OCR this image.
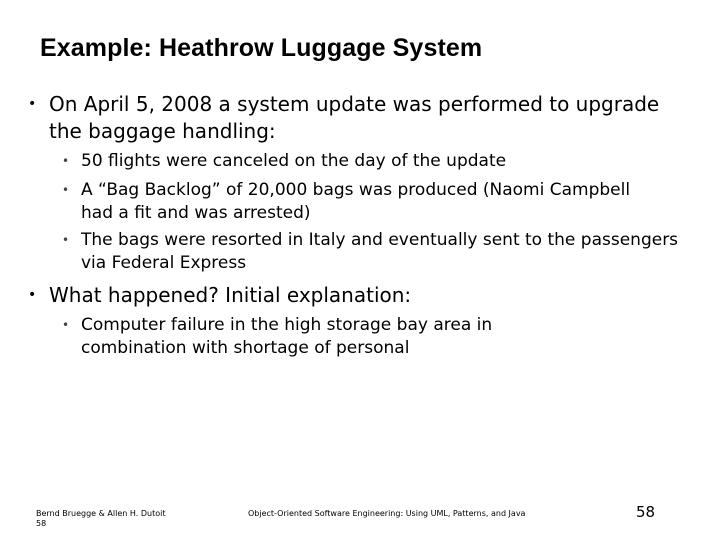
Example: Heathrow Luggage System
• On April 5, 2008 a system update was performed to upgrade the baggage handling:
• 50 flights were canceled on the day of the update
• A “Bag Backlog” of 20,000 bags was produced (Naomi Campbell had a fit and was arrested)
• The bags were resorted in Italy and eventually sent to the passengers via Federal Express
• What happened? Initial explanation:
• Computer failure in the high storage bay area in combination with shortage of personal
Bernd Bruegge & Allen H. Dutoit
58
Object-Oriented Software Engineering: Using UML, Patterns, and Java	58
